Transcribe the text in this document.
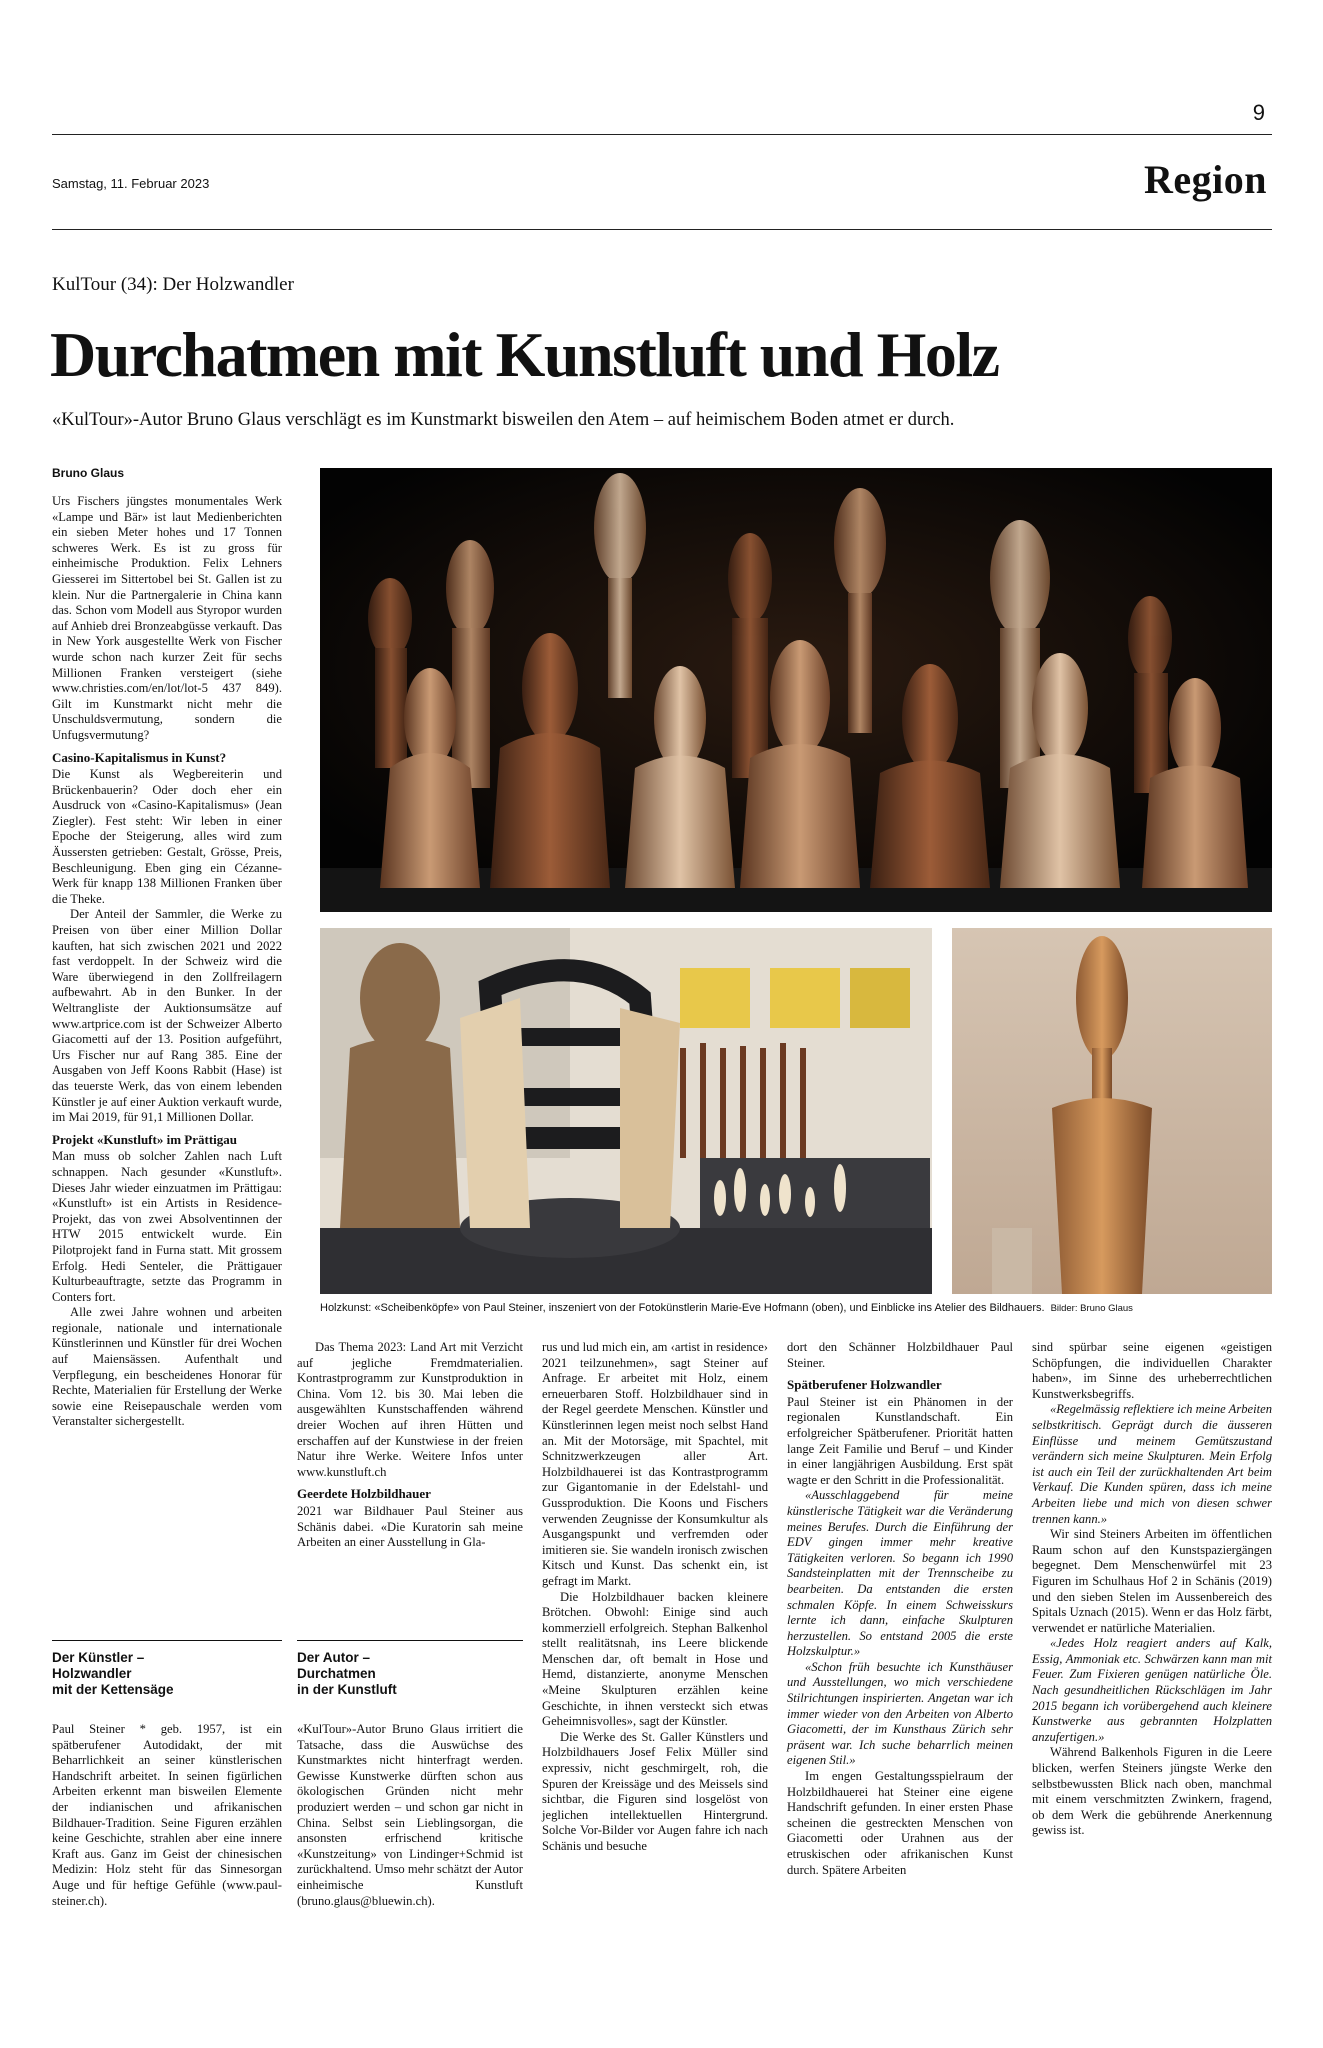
9
Samstag, 11. Februar 2023	Region
KulTour (34): Der Holzwandler
Durchatmen mit Kunstluft und Holz
«KulTour»-Autor Bruno Glaus verschlägt es im Kunstmarkt bisweilen den Atem – auf heimischem Boden atmet er durch.
Bruno Glaus

Urs Fischers jüngstes monumentales Werk «Lampe und Bär» ist laut Medienberichten ein sieben Meter hohes und 17 Tonnen schweres Werk. Es ist zu gross für einheimische Produktion. Felix Lehners Giesserei im Sittertobel bei St. Gallen ist zu klein. Nur die Partnergalerie in China kann das. Schon vom Modell aus Styropor wurden auf Anhieb drei Bronzeabgüsse verkauft. Das in New York ausgestellte Werk von Fischer wurde schon nach kurzer Zeit für sechs Millionen Franken versteigert (siehe www.christies.com/en/lot/lot-5 437 849). Gilt im Kunstmarkt nicht mehr die Unschuldsvermutung, sondern die Unfugsvermutung?

Casino-Kapitalismus in Kunst?

Die Kunst als Wegbereiterin und Brückenbauerin? Oder doch eher ein Ausdruck von «Casino-Kapitalismus» (Jean Ziegler). Fest steht: Wir leben in einer Epoche der Steigerung, alles wird zum Äussersten getrieben: Gestalt, Grösse, Preis, Beschleunigung. Eben ging ein Cézanne-Werk für knapp 138 Millionen Franken über die Theke.

Der Anteil der Sammler, die Werke zu Preisen von über einer Million Dollar kauften, hat sich zwischen 2021 und 2022 fast verdoppelt. In der Schweiz wird die Ware überwiegend in den Zollfreilagern aufbewahrt. Ab in den Bunker. In der Weltrangliste der Auktionsumsätze auf www.artprice.com ist der Schweizer Alberto Giacometti auf der 13. Position aufgeführt, Urs Fischer nur auf Rang 385. Eine der Ausgaben von Jeff Koons Rabbit (Hase) ist das teuerste Werk, das von einem lebenden Künstler je auf einer Auktion verkauft wurde, im Mai 2019, für 91,1 Millionen Dollar.

Projekt «Kunstluft» im Prättigau

Man muss ob solcher Zahlen nach Luft schnappen. Nach gesunder «Kunstluft». Dieses Jahr wieder einzuatmen im Prättigau: «Kunstluft» ist ein Artists in Residence-Projekt, das von zwei Absolventinnen der HTW 2015 entwickelt wurde. Ein Pilotprojekt fand in Furna statt. Mit grossem Erfolg. Hedi Senteler, die Prättigauer Kulturbeauftragte, setzte das Programm in Conters fort.

Alle zwei Jahre wohnen und arbeiten regionale, nationale und internationale Künstlerinnen und Künstler für drei Wochen auf Maiensässen. Aufenthalt und Verpflegung, ein bescheidenes Honorar für Rechte, Materialien für Erstellung der Werke sowie eine Reisepauschale werden vom Veranstalter sichergestellt.

Holzkunst: «Scheibenköpfe» von Paul Steiner, inszeniert von der Fotokünstlerin Marie-Eve Hofmann (oben), und Einblicke ins Atelier des Bildhauers. Bilder: Bruno Glaus

Das Thema 2023: Land Art mit Verzicht auf jegliche Fremdmaterialien. Kontrastprogramm zur Kunstproduktion in China. Vom 12. bis 30. Mai leben die ausgewählten Kunstschaffenden während dreier Wochen auf ihren Hütten und erschaffen auf der Kunstwiese in der freien Natur ihre Werke. Weitere Infos unter www.kunstluft.ch

Geerdete Holzbildhauer

2021 war Bildhauer Paul Steiner aus Schänis dabei. «Die Kuratorin sah meine Arbeiten an einer Ausstellung in Gla-

rus und lud mich ein, am ‹artist in residence› 2021 teilzunehmen», sagt Steiner auf Anfrage. Er arbeitet mit Holz, einem erneuerbaren Stoff. Holzbildhauer sind in der Regel geerdete Menschen. Künstler und Künstlerinnen legen meist noch selbst Hand an. Mit der Motorsäge, mit Spachtel, mit Schnitzwerkzeugen aller Art. Holzbildhauerei ist das Kontrastprogramm zur Gigantomanie in der Edelstahl- und Gussproduktion. Die Koons und Fischers verwenden Zeugnisse der Konsumkultur als Ausgangspunkt und verfremden oder imitieren sie. Sie wandeln ironisch zwischen Kitsch und Kunst. Das schenkt ein, ist gefragt im Markt.

Die Holzbildhauer backen kleinere Brötchen. Obwohl: Einige sind auch kommerziell erfolgreich. Stephan Balkenhol stellt realitätsnah, ins Leere blickende Menschen dar, oft bemalt in Hose und Hemd, distanzierte, anonyme Menschen «Meine Skulpturen erzählen keine Geschichte, in ihnen versteckt sich etwas Geheimnisvolles», sagt der Künstler.

Die Werke des St. Galler Künstlers und Holzbildhauers Josef Felix Müller sind expressiv, nicht geschmirgelt, roh, die Spuren der Kreissäge und des Meissels sind sichtbar, die Figuren sind losgelöst von jeglichen intellektuellen Hintergrund. Solche Vor-Bilder vor Augen fahre ich nach Schänis und besuche

dort den Schänner Holzbildhauer Paul Steiner.

Spätberufener Holzwandler

Paul Steiner ist ein Phänomen in der regionalen Kunstlandschaft. Ein erfolgreicher Spätberufener. Priorität hatten lange Zeit Familie und Beruf – und Kinder in einer langjährigen Ausbildung. Erst spät wagte er den Schritt in die Professionalität.

«Ausschlaggebend für meine künstlerische Tätigkeit war die Veränderung meines Berufes. Durch die Einführung der EDV gingen immer mehr kreative Tätigkeiten verloren. So begann ich 1990 Sandsteinplatten mit der Trennscheibe zu bearbeiten. Da entstanden die ersten schmalen Köpfe. In einem Schweisskurs lernte ich dann, einfache Skulpturen herzustellen. So entstand 2005 die erste Holzskulptur.»

«Schon früh besuchte ich Kunsthäuser und Ausstellungen, wo mich verschiedene Stilrichtungen inspirierten. Angetan war ich immer wieder von den Arbeiten von Alberto Giacometti, der im Kunsthaus Zürich sehr präsent war. Ich suche beharrlich meinen eigenen Stil.»

Im engen Gestaltungsspielraum der Holzbildhauerei hat Steiner eine eigene Handschrift gefunden. In einer ersten Phase scheinen die gestreckten Menschen von Giacometti oder Urahnen aus der etruskischen oder afrikanischen Kunst durch. Spätere Arbeiten

sind spürbar seine eigenen «geistigen Schöpfungen, die individuellen Charakter haben», im Sinne des urheberrechtlichen Kunstwerksbegriffs.

«Regelmässig reflektiere ich meine Arbeiten selbstkritisch. Geprägt durch die äusseren Einflüsse und meinem Gemütszustand verändern sich meine Skulpturen. Mein Erfolg ist auch ein Teil der zurückhaltenden Art beim Verkauf. Die Kunden spüren, dass ich meine Arbeiten liebe und mich von diesen schwer trennen kann.»

Wir sind Steiners Arbeiten im öffentlichen Raum schon auf den Kunstspaziergängen begegnet. Dem Menschenwürfel mit 23 Figuren im Schulhaus Hof 2 in Schänis (2019) und den sieben Stelen im Aussenbereich des Spitals Uznach (2015). Wenn er das Holz färbt, verwendet er natürliche Materialien.

«Jedes Holz reagiert anders auf Kalk, Essig, Ammoniak etc. Schwärzen kann man mit Feuer. Zum Fixieren genügen natürliche Öle. Nach gesundheitlichen Rückschlägen im Jahr 2015 begann ich vorübergehend auch kleinere Kunstwerke aus gebrannten Holzplatten anzufertigen.»

Während Balkenhols Figuren in die Leere blicken, werfen Steiners jüngste Werke den selbstbewussten Blick nach oben, manchmal mit einem verschmitzten Zwinkern, fragend, ob dem Werk die gebührende Anerkennung gewiss ist.

Der Künstler –
Holzwandler
mit der Kettensäge

Paul Steiner * geb. 1957, ist ein spätberufener Autodidakt, der mit Beharrlichkeit an seiner künstlerischen Handschrift arbeitet. In seinen figürlichen Arbeiten erkennt man bisweilen Elemente der indianischen und afrikanischen Bildhauer-Tradition. Seine Figuren erzählen keine Geschichte, strahlen aber eine innere Kraft aus. Ganz im Geist der chinesischen Medizin: Holz steht für das Sinnesorgan Auge und für heftige Gefühle (www.paul-steiner.ch).

Der Autor –
Durchatmen
in der Kunstluft

«KulTour»-Autor Bruno Glaus irritiert die Tatsache, dass die Auswüchse des Kunstmarktes nicht hinterfragt werden. Gewisse Kunstwerke dürften schon aus ökologischen Gründen nicht mehr produziert werden – und schon gar nicht in China. Selbst sein Lieblingsorgan, die ansonsten erfrischend kritische «Kunstzeitung» von Lindinger+Schmid ist zurückhaltend. Umso mehr schätzt der Autor einheimische Kunstluft (bruno.glaus@bluewin.ch).
